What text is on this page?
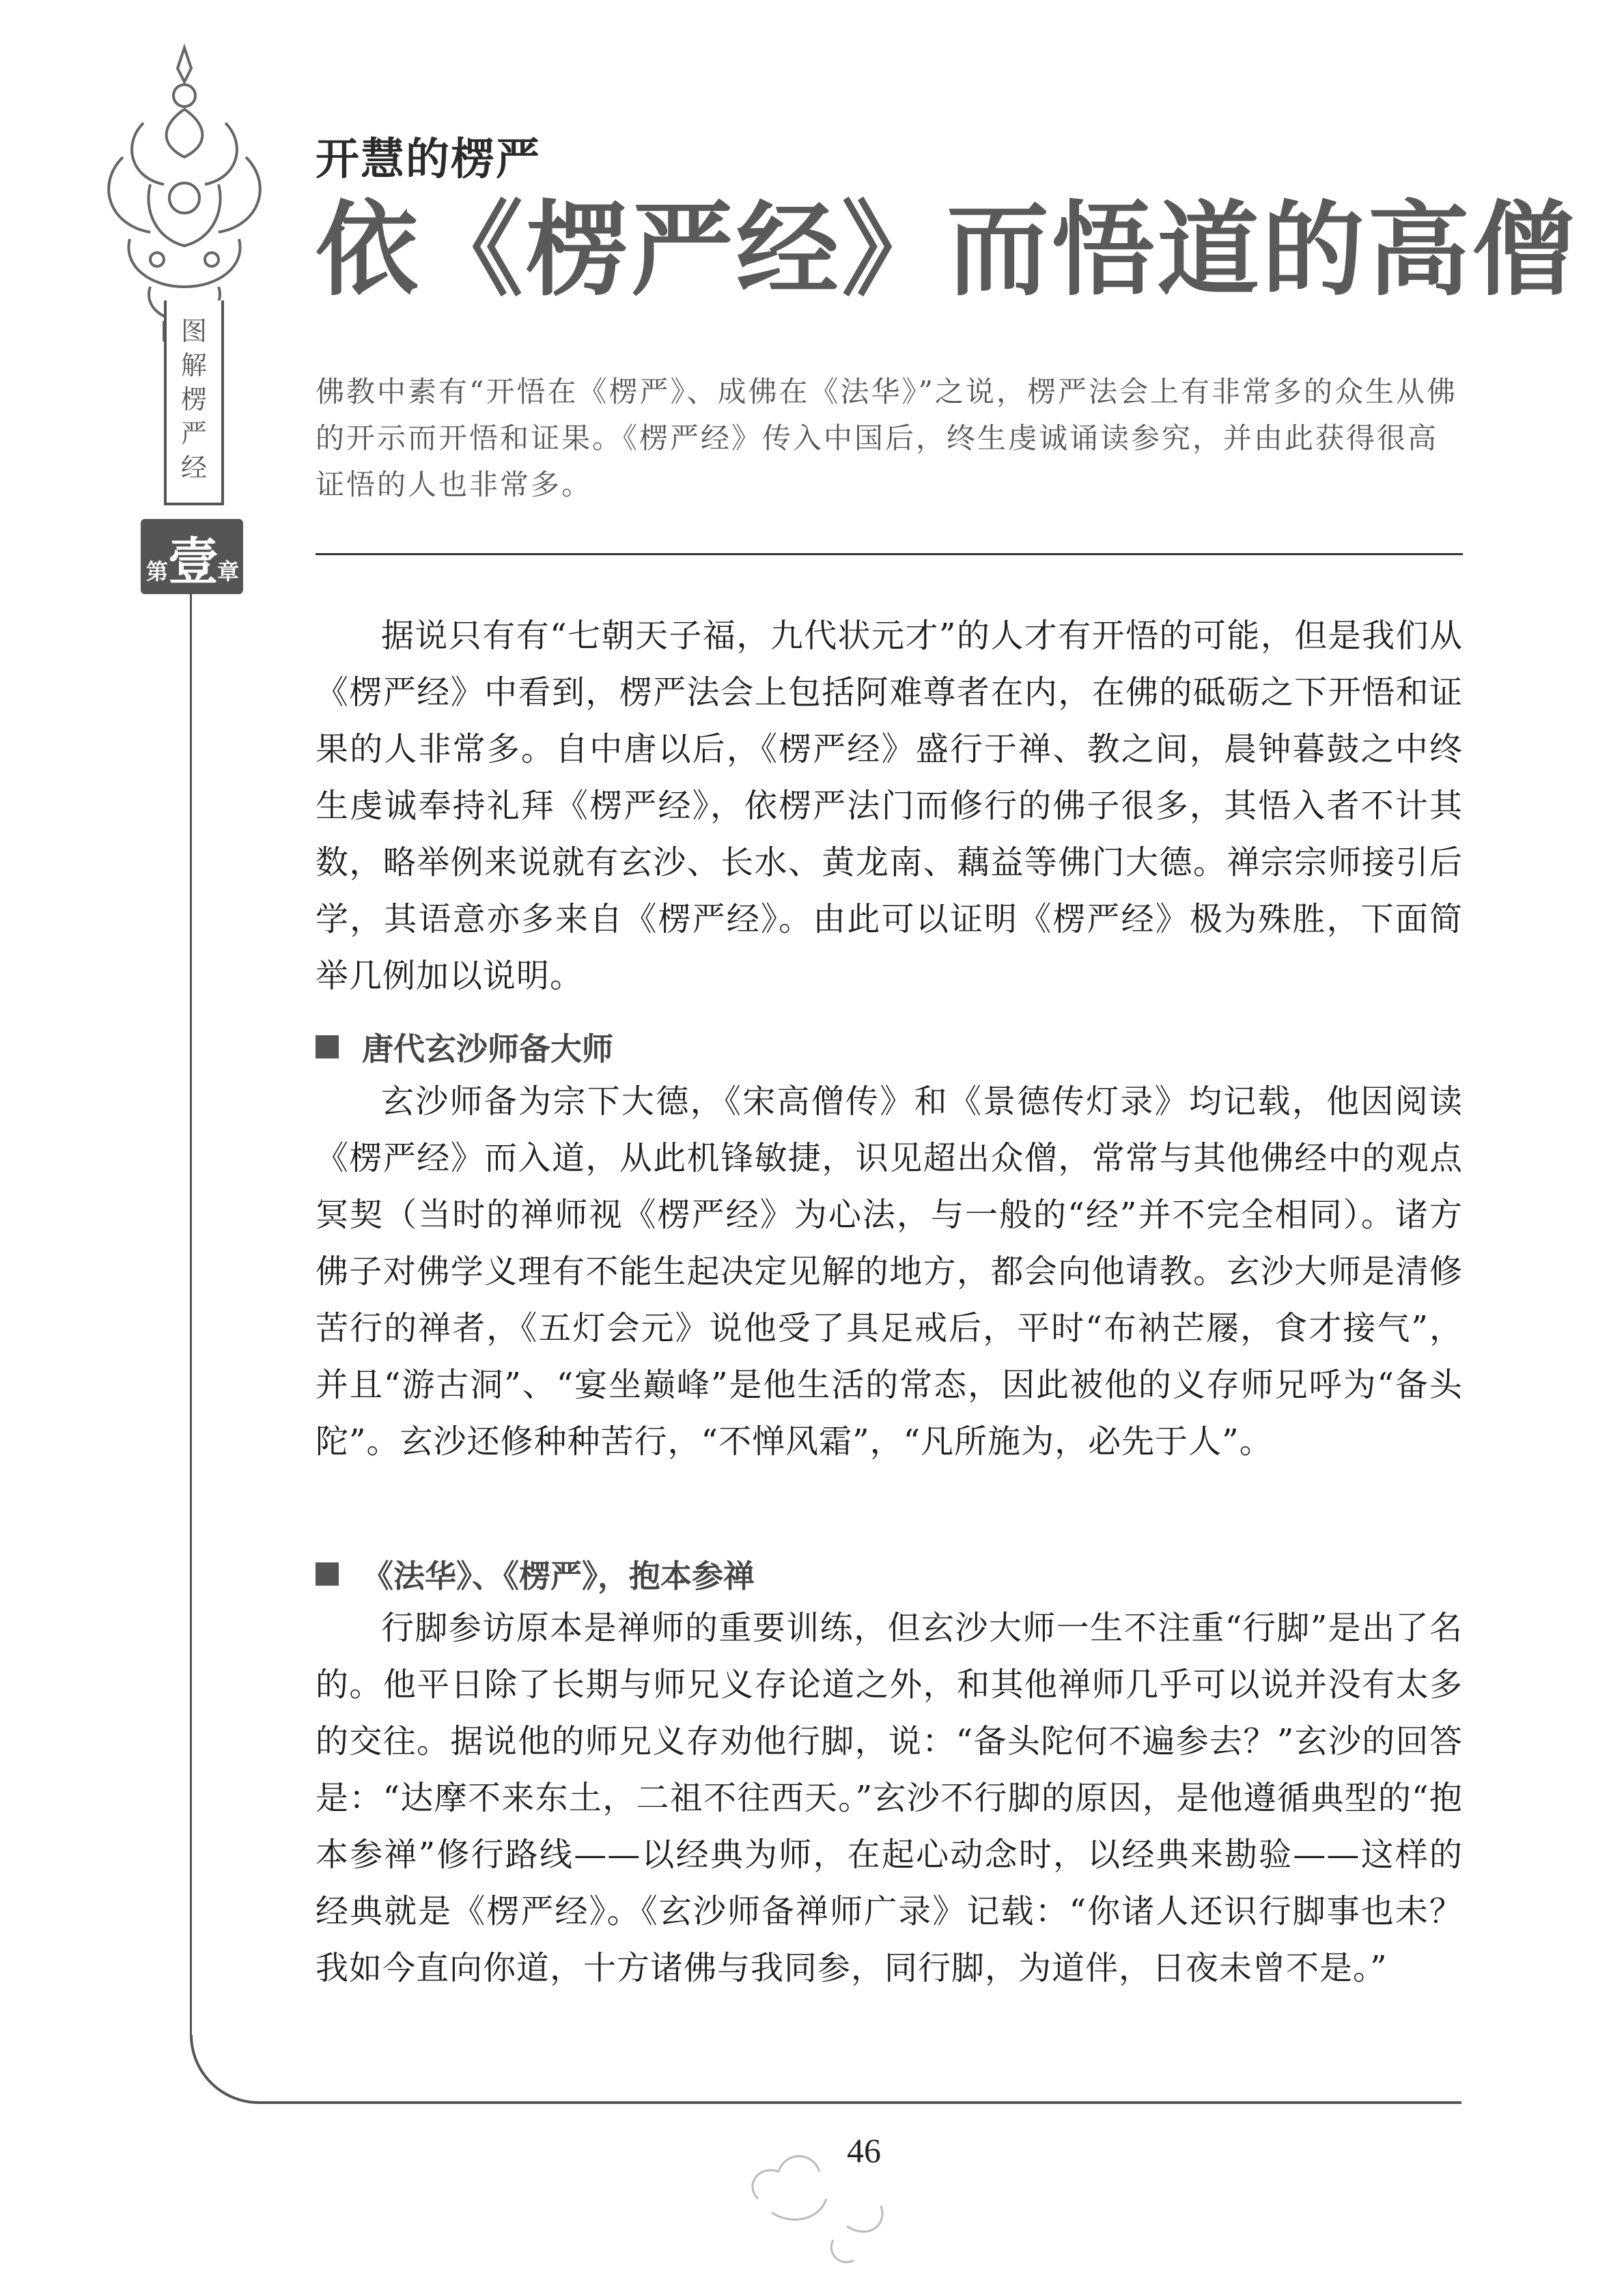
图
解
楞
严
经
第 壹
章
开慧的楞严
依《楞严经》而悟道的高僧
佛教中素有“开悟在《楞严》、成佛在《法华》”之说，楞严法会上有非常多的众生从佛的开示而开悟和证果。《楞严经》传入中国后，终生虔诚诵读参究，并由此获得很高证悟的人也非常多。

据说只有有“七朝天子福，九代状元才”的人才有开悟的可能，但是我们从《楞严经》中看到，楞严法会上包括阿难尊者在内，在佛的砥砺之下开悟和证果的人非常多。自中唐以后，《楞严经》盛行于禅、教之间，晨钟暮鼓之中终生虔诚奉持礼拜《楞严经》，依楞严法门而修行的佛子很多，其悟入者不计其数，略举例来说就有玄沙、长水、黄龙南、藕益等佛门大德。禅宗宗师接引后学，其语意亦多来自《楞严经》。由此可以证明《楞严经》极为殊胜，下面简举几例加以说明。

唐代玄沙师备大师

玄沙师备为宗下大德，《宋高僧传》和《景德传灯录》均记载，他因阅读《楞严经》而入道，从此机锋敏捷，识见超出众僧，常常与其他佛经中的观点冥契（当时的禅师视《楞严经》为心法，与一般的“经”并不完全相同）。诸方佛子对佛学义理有不能生起决定见解的地方，都会向他请教。玄沙大师是清修苦行的禅者，《五灯会元》说他受了具足戒后，平时“布衲芒屦，食才接气”，并且“游古洞”、“宴坐巅峰”是他生活的常态，因此被他的义存师兄呼为“备头陀”。玄沙还修种种苦行，“不惮风霜”，“凡所施为，必先于人”。

《法华》、《楞严》，抱本参禅

行脚参访原本是禅师的重要训练，但玄沙大师一生不注重“行脚”是出了名的。他平日除了长期与师兄义存论道之外，和其他禅师几乎可以说并没有太多的交往。据说他的师兄义存劝他行脚，说：“备头陀何不遍参去？”玄沙的回答是：“达摩不来东土，二祖不往西天。”玄沙不行脚的原因，是他遵循典型的“抱本参禅”修行路线——以经典为师，在起心动念时，以经典来勘验——这样的经典就是《楞严经》。《玄沙师备禅师广录》记载：“你诸人还识行脚事也未？我如今直向你道，十方诸佛与我同参，同行脚，为道伴，日夜未曾不是。”

46
